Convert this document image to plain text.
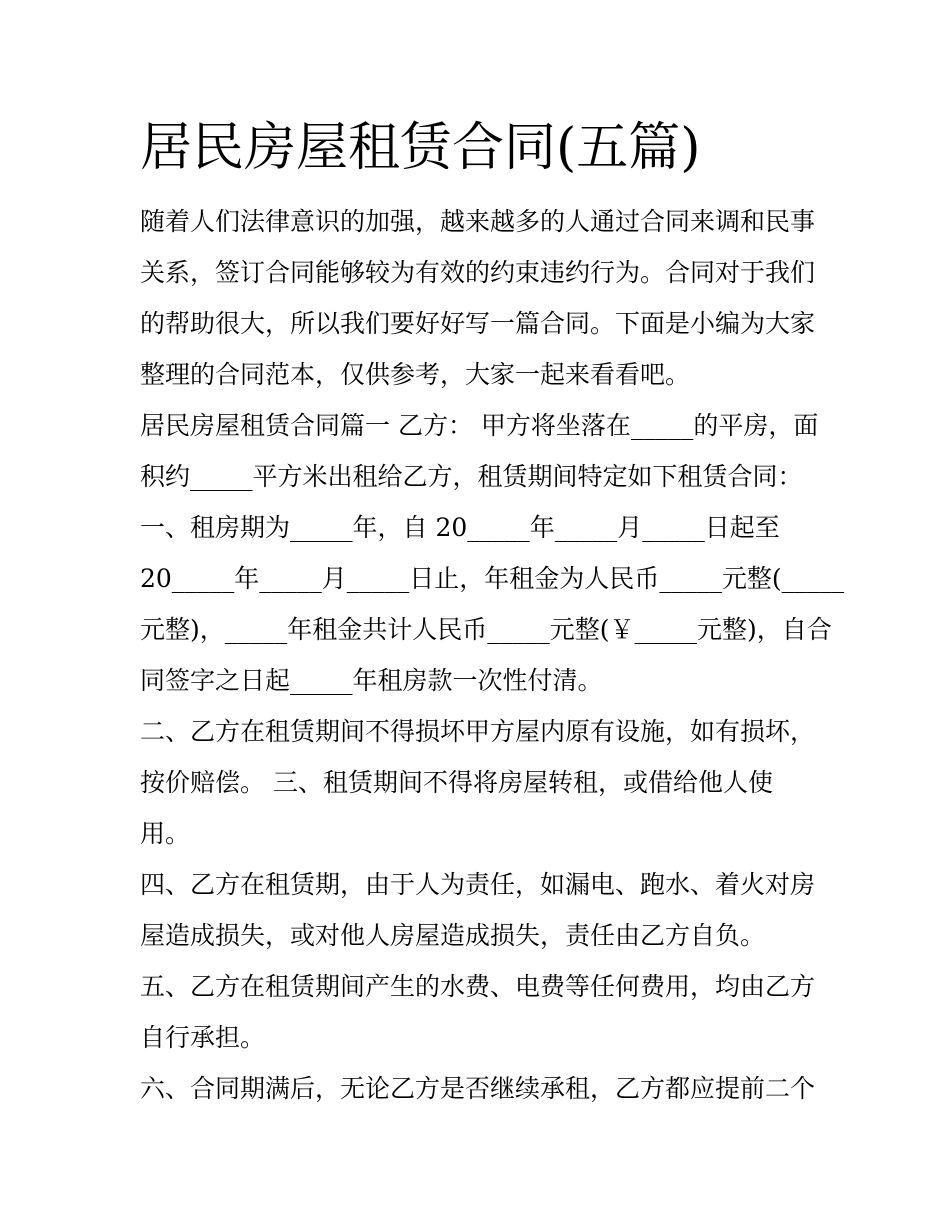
居民房屋租赁合同(五篇)

随着人们法律意识的加强，越来越多的人通过合同来调和民事

关系，签订合同能够较为有效的约束违约行为。合同对于我们

的帮助很大，所以我们要好好写一篇合同。下面是小编为大家

整理的合同范本，仅供参考，大家一起来看看吧。

居民房屋租赁合同篇一 乙方： 甲方将坐落在_____的平房，面

积约_____平方米出租给乙方，租赁期间特定如下租赁合同：

一、租房期为_____年，自 20_____年_____月_____日起至

20_____年_____月_____日止，年租金为人民币_____元整(_____

元整)，_____年租金共计人民币_____元整(￥_____元整)，自合

同签字之日起_____年租房款一次性付清。

二、乙方在租赁期间不得损坏甲方屋内原有设施，如有损坏，

按价赔偿。 三、租赁期间不得将房屋转租，或借给他人使

用。

四、乙方在租赁期，由于人为责任，如漏电、跑水、着火对房

屋造成损失，或对他人房屋造成损失，责任由乙方自负。

五、乙方在租赁期间产生的水费、电费等任何费用，均由乙方

自行承担。

六、合同期满后，无论乙方是否继续承租，乙方都应提前二个
